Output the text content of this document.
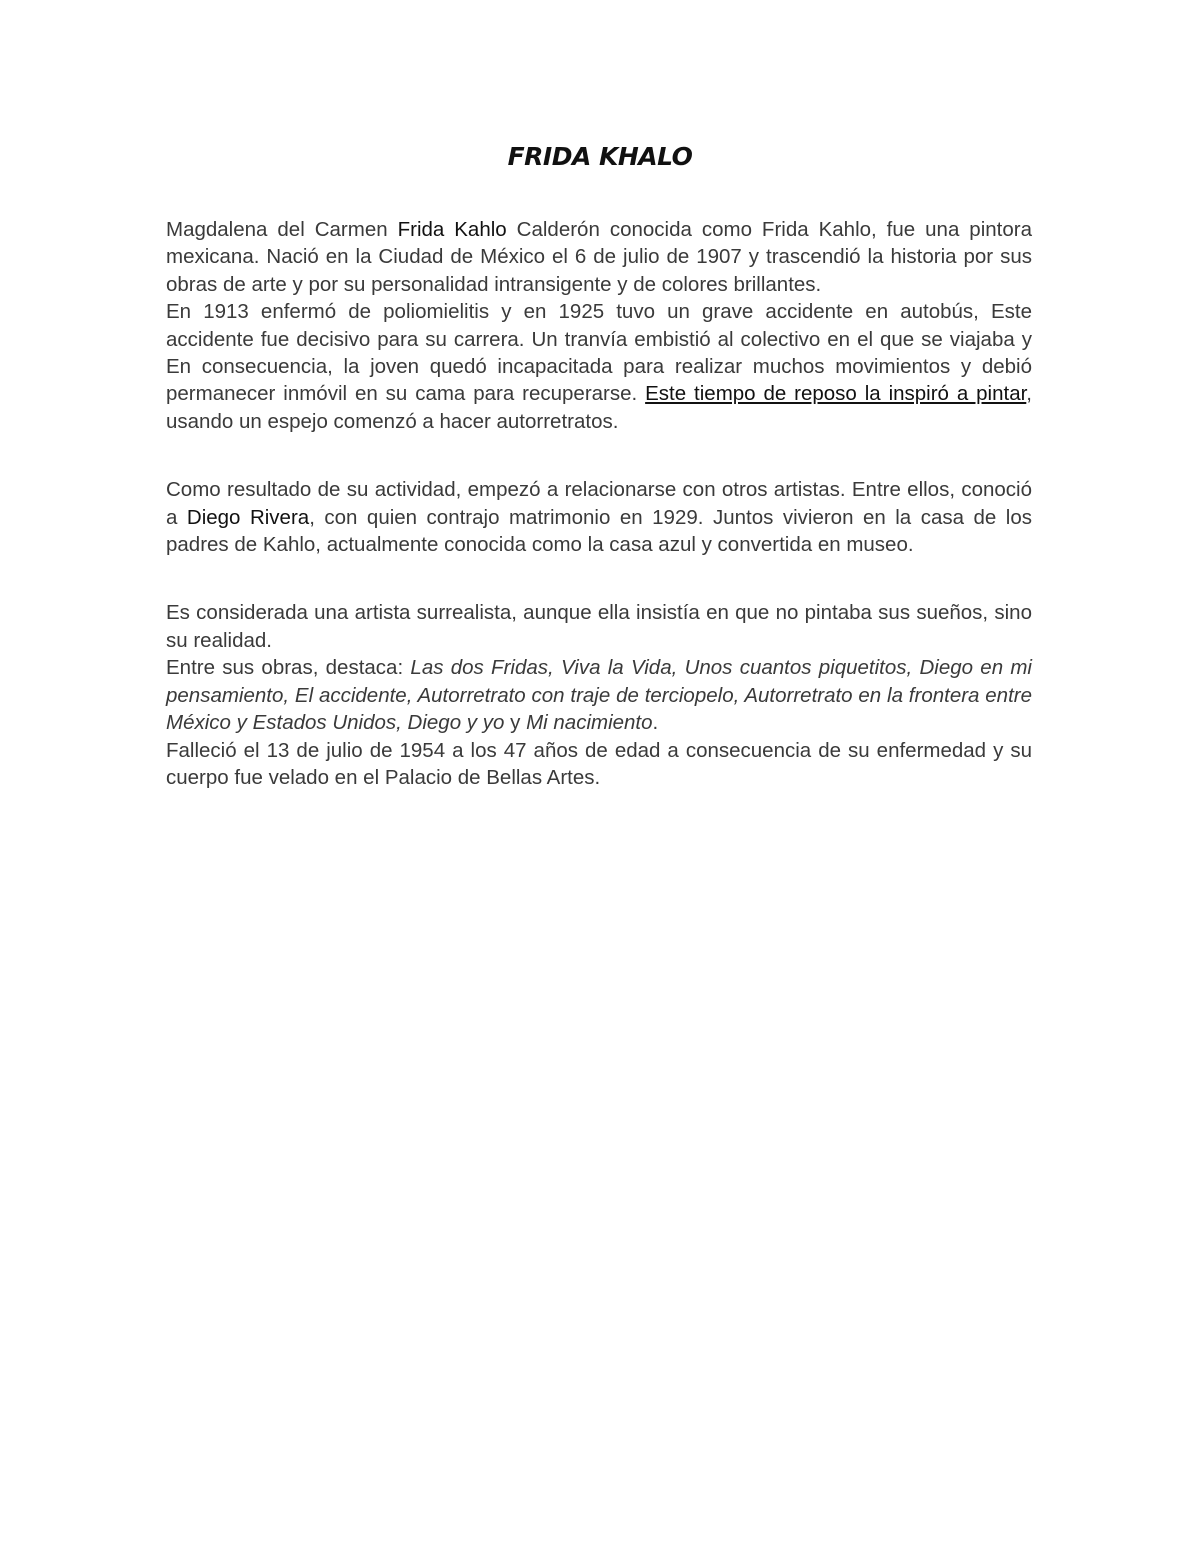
FRIDA KHALO

Magdalena del Carmen Frida Kahlo Calderón conocida como Frida Kahlo, fue una pintora mexicana. Nació en la Ciudad de México el 6 de julio de 1907 y trascendió la historia por sus obras de arte y por su personalidad intransigente y de colores brillantes.

En 1913 enfermó de poliomielitis y en 1925 tuvo un grave accidente en autobús, Este accidente fue decisivo para su carrera. Un tranvía embistió al colectivo en el que se viajaba y En consecuencia, la joven quedó incapacitada para realizar muchos movimientos y debió permanecer inmóvil en su cama para recuperarse. Este tiempo de reposo la inspiró a pintar, usando un espejo comenzó a hacer autorretratos.

Como resultado de su actividad, empezó a relacionarse con otros artistas. Entre ellos, conoció a Diego Rivera, con quien contrajo matrimonio en 1929. Juntos vivieron en la casa de los padres de Kahlo, actualmente conocida como la casa azul y convertida en museo.

Es considerada una artista surrealista, aunque ella insistía en que no pintaba sus sueños, sino su realidad.

Entre sus obras, destaca: Las dos Fridas, Viva la Vida, Unos cuantos piquetitos, Diego en mi pensamiento, El accidente, Autorretrato con traje de terciopelo, Autorretrato en la frontera entre México y Estados Unidos, Diego y yo y Mi nacimiento.

Falleció el 13 de julio de 1954 a los 47 años de edad a consecuencia de su enfermedad y su cuerpo fue velado en el Palacio de Bellas Artes.
